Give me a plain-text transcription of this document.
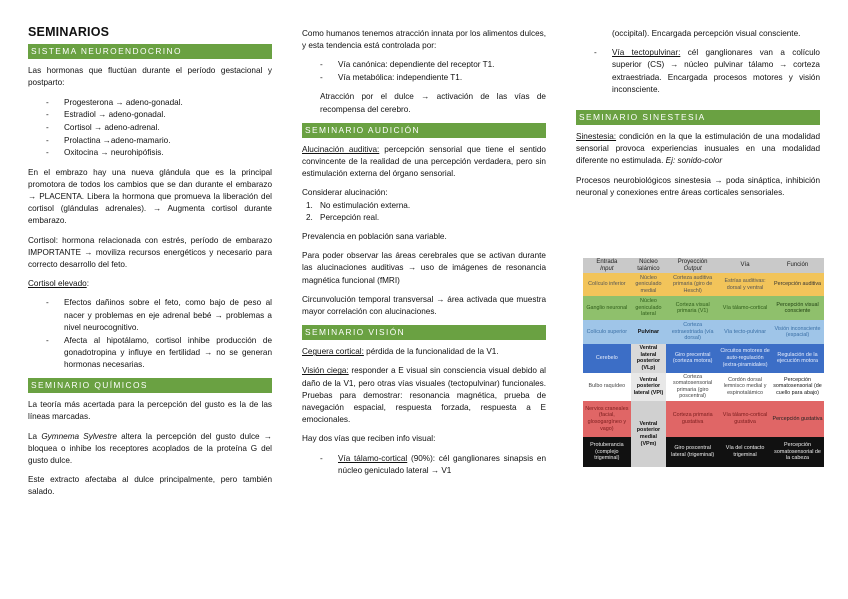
SEMINARIOS
SISTEMA NEUROENDOCRINO

Las hormonas que fluctúan durante el período gestacional y postparto:

- Progesterona → adeno-gonadal.
- Estradiol → adeno-gonadal.
- Cortisol → adeno-adrenal.
- Prolactina →adeno-mamario.
- Oxitocina → neurohipófisis.

En el embrazo hay una nueva glándula que es la principal promotora de todos los cambios que se dan durante el embarazo → PLACENTA. Libera la hormona que promueva la liberación del cortisol (glándulas adrenales). → Augmenta cortisol durante embarazo.

Cortisol: hormona relacionada con estrés, período de embarazo IMPORTANTE → moviliza recursos energéticos y necesario para correcto desarrollo del feto.

Cortisol elevado:

- Efectos dañinos sobre el feto, como bajo de peso al nacer y problemas en eje adrenal bebé → problemas a nivel neurocognitivo.
- Afecta al hipotálamo, cortisol inhibe producción de gonadotropina y influye en fertilidad → no se generan hormonas necesarias.
SEMINARIO QUÍMICOS

La teoría más acertada para la percepción del gusto es la de las líneas marcadas.

La Gymnema Sylvestre altera la percepción del gusto dulce → bloquea o inhibe los receptores acoplados de la proteína G del gusto dulce.

Este extracto afectaba al dulce principalmente, pero también salado.

Como humanos tenemos atracción innata por los alimentos dulces, y esta tendencia está controlada por:

- Vía canónica: dependiente del receptor T1.
- Vía metabólica: independiente T1.

Atracción por el dulce → activación de las vías de recompensa del cerebro.

SEMINARIO AUDICIÓN

Alucinación auditiva: percepción sensorial que tiene el sentido convincente de la realidad de una percepción verdadera, pero sin estimulación externa del órgano sensorial.

Considerar alucinación:
1. No estimulación externa.
2. Percepción real.

Prevalencia en población sana variable.

Para poder observar las áreas cerebrales que se activan durante las alucinaciones auditivas → uso de imágenes de resonancia magnética funcional (fMRI)

Circunvolución temporal transversal → área activada que muestra mayor correlación con alucinaciones.

SEMINARIO VISIÓN

Ceguera cortical: pérdida de la funcionalidad de la V1.

Visión ciega: responder a E visual sin consciencia visual debido al daño de la V1, pero otras vías visuales (tectopulvinar) funcionales. Pruebas para demostrar: resonancia magnética, prueba de navegación espacial, respuesta forzada, respuesta a E emocionales.

Hay dos vías que reciben info visual:

- Vía tálamo-cortical (90%): cél ganglionares sinapsis en núcleo geniculado lateral → V1

(occipital). Encargada percepción visual consciente.

- Vía tectopulvinar: cél ganglionares van a colículo superior (CS) → núcleo pulvinar tálamo → corteza extraestriada. Encargada procesos motores y visión inconsciente.
SEMINARIO SINESTESIA

Sinestesia: condición en la que la estimulación de una modalidad sensorial provoca experiencias inusuales en una modalidad diferente no estimulada. Ej: sonido-color

Procesos neurobiológicos sinestesia → poda sináptica, inhibición neuronal y conexiones entre áreas corticales sensoriales.

Entrada
Input	Núcleo
talámico	Proyección
Output	Vía	Función
Colículo inferior	Núcleo geniculado medial	Corteza auditiva primaria (giro de Heschl)	Estrías auditivas: dorsal y ventral	Percepción auditiva
Ganglio neuronal	Núcleo geniculado lateral	Corteza visual primaria (V1)	Vía tálamo-cortical	Percepción visual consciente
Colículo superior	Pulvinar	Corteza extraestriada (vía dorsal)	Vía tecto-pulvinar	Visión inconsciente (espacial)
Cerebelo	Ventral lateral posterior (VLp)	Giro precentral (corteza motora)	Circuitos motores de auto-regulación (extra-piramidales)	Regulación de la ejecución motora
Bulbo raquídeo	Ventral posterior lateral (VPl)	Corteza somatosensorial primaria (giro poscentral)	Cordón dorsal lemnisco medial y espinotalámico	Percepción somatosensorial (de cuello para abajo)
Nervios craneales (facial, glosogargíneo y vago)	Ventral posterior medial (VPm)	Corteza primaria gustativa	Vía tálamo-cortical gustativa	Percepción gustativa
Protuberancia (complejo trigeminal)		Giro poscentral lateral (trigeminal)	Vía del contacto trigeminal	Percepción somatosensorial de la cabeza
